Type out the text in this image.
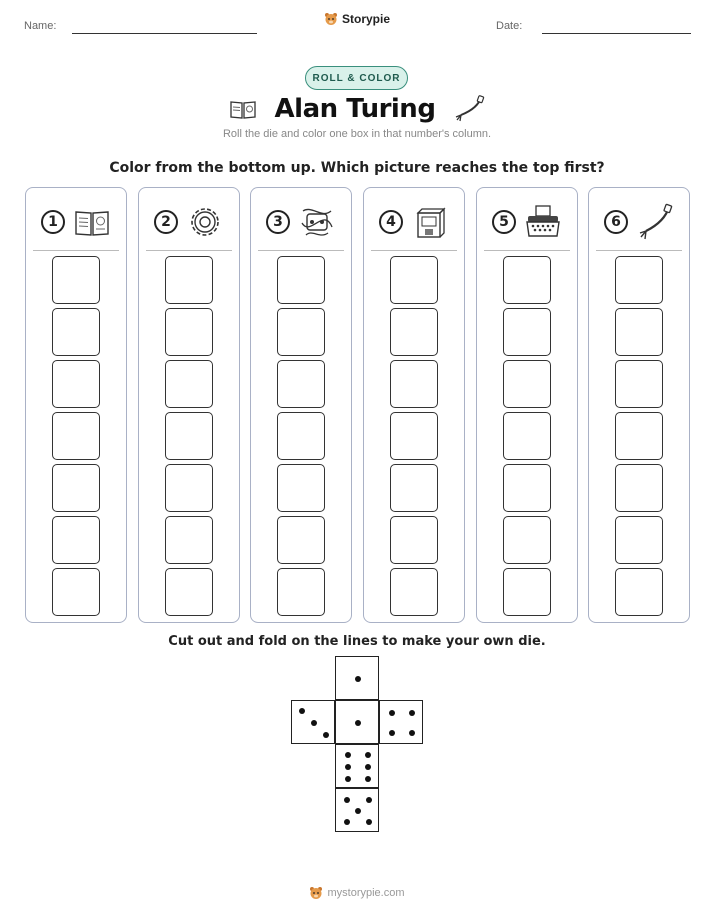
Name:	Storypie	Date:
ROLL & COLOR
Alan Turing
Roll the die and color one box in that number's column.
Color from the bottom up. Which picture reaches the top first?
1	2	3	4	5	6
Cut out and fold on the lines to make your own die.
mystorypie.com
